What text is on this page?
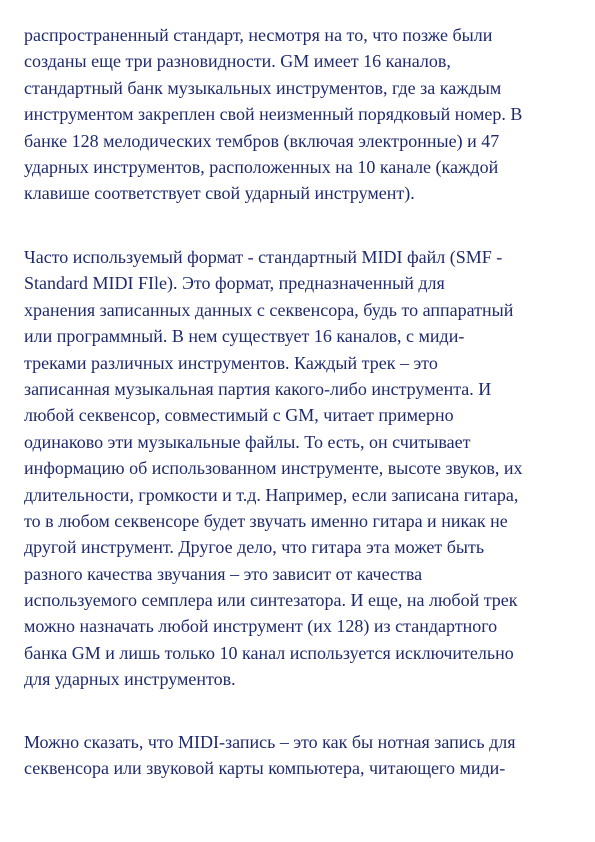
распространенный стандарт, несмотря на то, что позже были
созданы еще три разновидности. GM имеет 16 каналов,
стандартный банк музыкальных инструментов, где за каждым
инструментом закреплен свой неизменный порядковый номер. В
банке 128 мелодических тембров (включая электронные) и 47
ударных инструментов, расположенных на 10 канале (каждой
клавише соответствует свой ударный инструмент).
Часто используемый формат - стандартный MIDI файл (SMF -
Standard MIDI FIle). Это формат, предназначенный для
хранения записанных данных с секвенсора, будь то аппаратный
или программный. В нем существует 16 каналов, с миди-
треками различных инструментов. Каждый трек – это
записанная музыкальная партия какого-либо инструмента. И
любой секвенсор, совместимый с GM, читает примерно
одинаково эти музыкальные файлы. То есть, он считывает
информацию об использованном инструменте, высоте звуков, их
длительности, громкости и т.д. Например, если записана гитара,
то в любом секвенсоре будет звучать именно гитара и никак не
другой инструмент. Другое дело, что гитара эта может быть
разного качества звучания – это зависит от качества
используемого семплера или синтезатора. И еще, на любой трек
можно назначать любой инструмент (их 128) из стандартного
банка GM и лишь только 10 канал используется исключительно
для ударных инструментов.
Можно сказать, что MIDI-запись – это как бы нотная запись для
секвенсора или звуковой карты компьютера, читающего миди-
